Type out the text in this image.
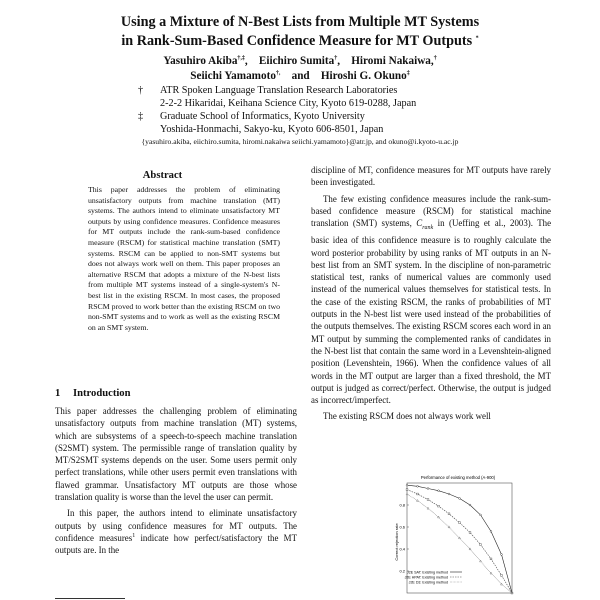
Using a Mixture of N-Best Lists from Multiple MT Systems
in Rank-Sum-Based Confidence Measure for MT Outputs *
Yasuhiro Akiba†,‡,    Eiichiro Sumita†,    Hiromi Nakaiwa,†
Seiichi Yamamoto†, and Hiroshi G. Okuno‡
† ATR Spoken Language Translation Research Laboratories
2-2-2 Hikaridai, Keihana Science City, Kyoto 619-0288, Japan
‡ Graduate School of Informatics, Kyoto University
Yoshida-Honmachi, Sakyo-ku, Kyoto 606-8501, Japan
{yasuhiro.akiba, eiichiro.sumita, hiromi.nakaiwa seiichi.yamamoto}@atr.jp, and okuno@i.kyoto-u.ac.jp
Abstract
This paper addresses the problem of eliminating unsatisfactory outputs from machine translation (MT) systems. The authors intend to eliminate unsatisfactory MT outputs by using confidence measures. Confidence measures for MT outputs include the rank-sum-based confidence measure (RSCM) for statistical machine translation (SMT) systems. RSCM can be applied to non-SMT systems but does not always work well on them. This paper proposes an alternative RSCM that adopts a mixture of the N-best lists from multiple MT systems instead of a single-system's N-best list in the existing RSCM. In most cases, the proposed RSCM proved to work better than the existing RSCM on two non-SMT systems and to work as well as the existing RSCM on an SMT system.
1 Introduction

This paper addresses the challenging problem of eliminating unsatisfactory outputs from machine translation (MT) systems, which are subsystems of a speech-to-speech machine translation (S2SMT) system. The permissible range of translation quality by MT/S2SMT systems depends on the user. Some users permit only perfect translations, while other users permit even translations with flawed grammar. Unsatisfactory MT outputs are those whose translation quality is worse than the level the user can permit.

In this paper, the authors intend to eliminate unsatisfactory outputs by using confidence measures for MT outputs. The confidence measures$^1$ indicate how perfect/satisfactory the MT outputs are. In the

discipline of MT, confidence measures for MT outputs have rarely been investigated.

The few existing confidence measures include the rank-sum-based confidence measure (RSCM) for statistical machine translation (SMT) systems, $C_{rank}$ in (Ueffing et al., 2003). The basic idea of this confidence measure is to roughly calculate the word posterior probability by using ranks of MT outputs in an N-best list from an SMT system. In the discipline of non-parametric statistical test, ranks of numerical values are commonly used instead of the numerical values themselves for statistical tests. In the case of the existing RSCM, the ranks of probabilities of MT outputs in the N-best list were used instead of the probabilities of the outputs themselves. The existing RSCM scores each word in an MT output by summing the complemented ranks of candidates in the N-best list that contain the same word in a Levenshtein-aligned position (Levenshtein, 1966). When the confidence values of all words in the MT output are larger than a fixed threshold, the MT output is judged as correct/perfect. Otherwise, the output is judged as incorrect/imperfect.

The existing RSCM does not always work well

Performance of existing method (A-900)
Correct rejection rate
0.8
0.6
0.4
0.2 J2E SAT: Existing method
J2E HPAT: Existing method
J2E D3: Existing method
